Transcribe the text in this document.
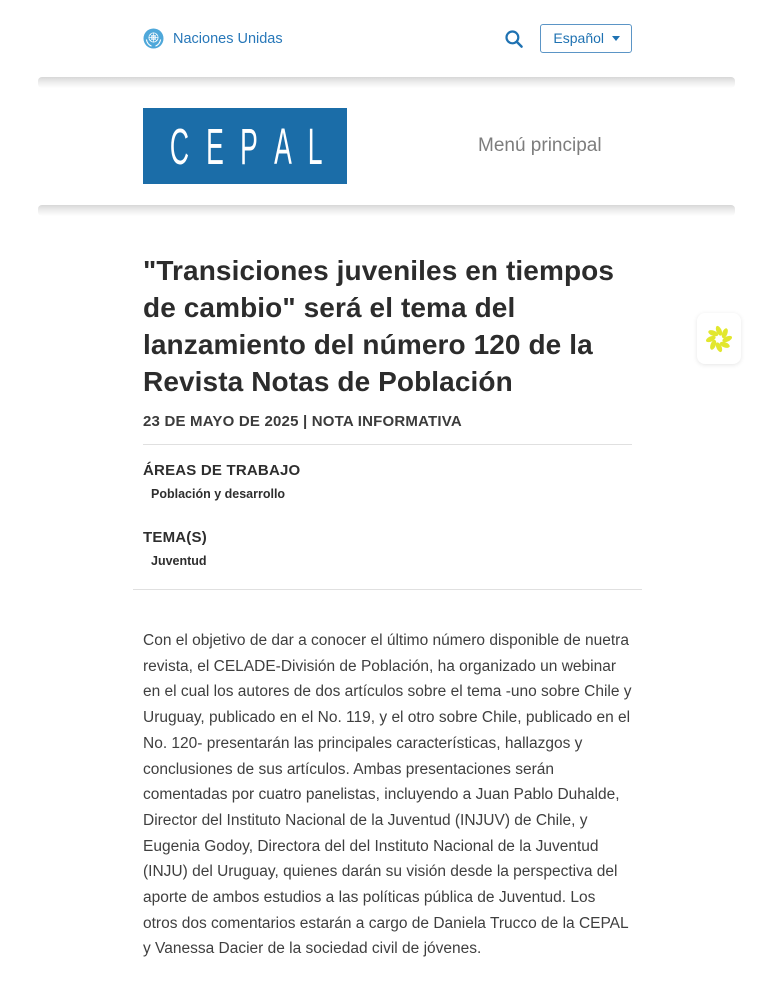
Naciones Unidas	Español
C E P A L	Menú principal
"Transiciones juveniles en tiempos de cambio" será el tema del lanzamiento del número 120 de la Revista Notas de Población
23 DE MAYO DE 2025 | NOTA INFORMATIVA
ÁREAS DE TRABAJO
Población y desarrollo
TEMA(S)
Juventud

Con el objetivo de dar a conocer el último número disponible de nuetra revista, el CELADE-División de Población, ha organizado un webinar en el cual los autores de dos artículos sobre el tema -uno sobre Chile y Uruguay, publicado en el No. 119, y el otro sobre Chile, publicado en el No. 120- presentarán las principales características, hallazgos y conclusiones de sus artículos. Ambas presentaciones serán comentadas por cuatro panelistas, incluyendo a Juan Pablo Duhalde, Director del Instituto Nacional de la Juventud (INJUV) de Chile, y Eugenia Godoy, Directora del del Instituto Nacional de la Juventud (INJU) del Uruguay, quienes darán su visión desde la perspectiva del aporte de ambos estudios a las políticas pública de Juventud. Los otros dos comentarios estarán a cargo de Daniela Trucco de la CEPAL y Vanessa Dacier de la sociedad civil de jóvenes.
